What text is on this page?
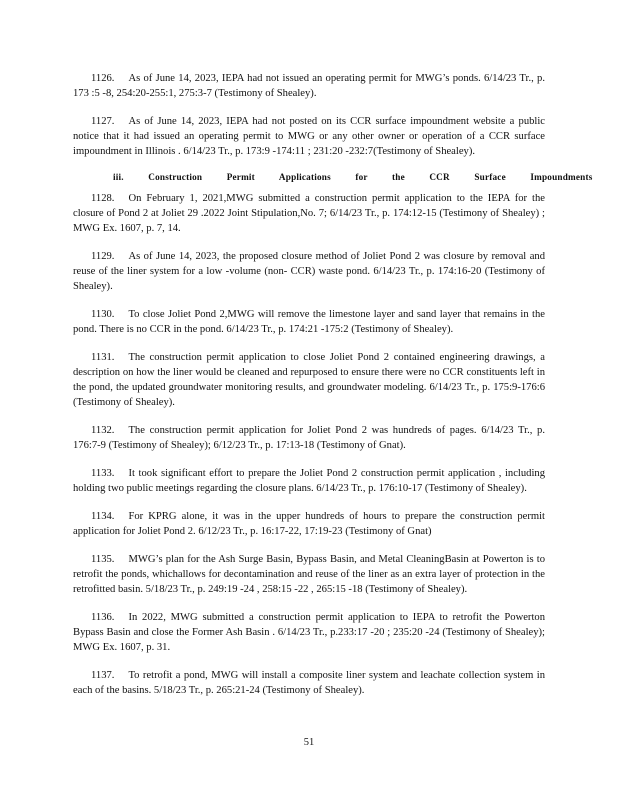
1126. As of June 14, 2023, IEPA had not issued an operating permit for MWG’s ponds. 6/14/23 Tr., p. 173 :5 -8, 254:20-255:1, 275:3-7 (Testimony of Shealey).

1127. As of June 14, 2023, IEPA had not posted on its CCR surface impoundment website a public notice that it had issued an operating permit to MWG or any other owner or operation of a CCR surface impoundment in Illinois . 6/14/23 Tr., p. 173:9 -174:11 ; 231:20 -232:7(Testimony of Shealey).

iii. Construction Permit Applications for the CCR Surface Impoundments

1128. On February 1, 2021,MWG submitted a construction permit application to the IEPA for the closure of Pond 2 at Joliet 29 .2022 Joint Stipulation,No. 7; 6/14/23 Tr., p. 174:12-15 (Testimony of Shealey) ; MWG Ex. 1607, p. 7, 14.

1129. As of June 14, 2023, the proposed closure method of Joliet Pond 2 was closure by removal and reuse of the liner system for a low -volume (non- CCR) waste pond. 6/14/23 Tr., p. 174:16-20 (Testimony of Shealey).

1130. To close Joliet Pond 2,MWG will remove the limestone layer and sand layer that remains in the pond. There is no CCR in the pond. 6/14/23 Tr., p. 174:21 -175:2 (Testimony of Shealey).

1131. The construction permit application to close Joliet Pond 2 contained engineering drawings, a description on how the liner would be cleaned and repurposed to ensure there were no CCR constituents left in the pond, the updated groundwater monitoring results, and groundwater modeling. 6/14/23 Tr., p. 175:9-176:6 (Testimony of Shealey).

1132. The construction permit application for Joliet Pond 2 was hundreds of pages. 6/14/23 Tr., p. 176:7-9 (Testimony of Shealey); 6/12/23 Tr., p. 17:13-18 (Testimony of Gnat).

1133. It took significant effort to prepare the Joliet Pond 2 construction permit application , including holding two public meetings regarding the closure plans. 6/14/23 Tr., p. 176:10-17 (Testimony of Shealey).

1134. For KPRG alone, it was in the upper hundreds of hours to prepare the construction permit application for Joliet Pond 2. 6/12/23 Tr., p. 16:17-22, 17:19-23 (Testimony of Gnat)

1135. MWG’s plan for the Ash Surge Basin, Bypass Basin, and Metal CleaningBasin at Powerton is to retrofit the ponds, whichallows for decontamination and reuse of the liner as an extra layer of protection in the retrofitted basin. 5/18/23 Tr., p. 249:19 -24 , 258:15 -22 , 265:15 -18 (Testimony of Shealey).

1136. In 2022, MWG submitted a construction permit application to IEPA to retrofit the Powerton Bypass Basin and close the Former Ash Basin . 6/14/23 Tr., p.233:17 -20 ; 235:20 -24 (Testimony of Shealey); MWG Ex. 1607, p. 31.

1137. To retrofit a pond, MWG will install a composite liner system and leachate collection system in each of the basins. 5/18/23 Tr., p. 265:21-24 (Testimony of Shealey).

51
